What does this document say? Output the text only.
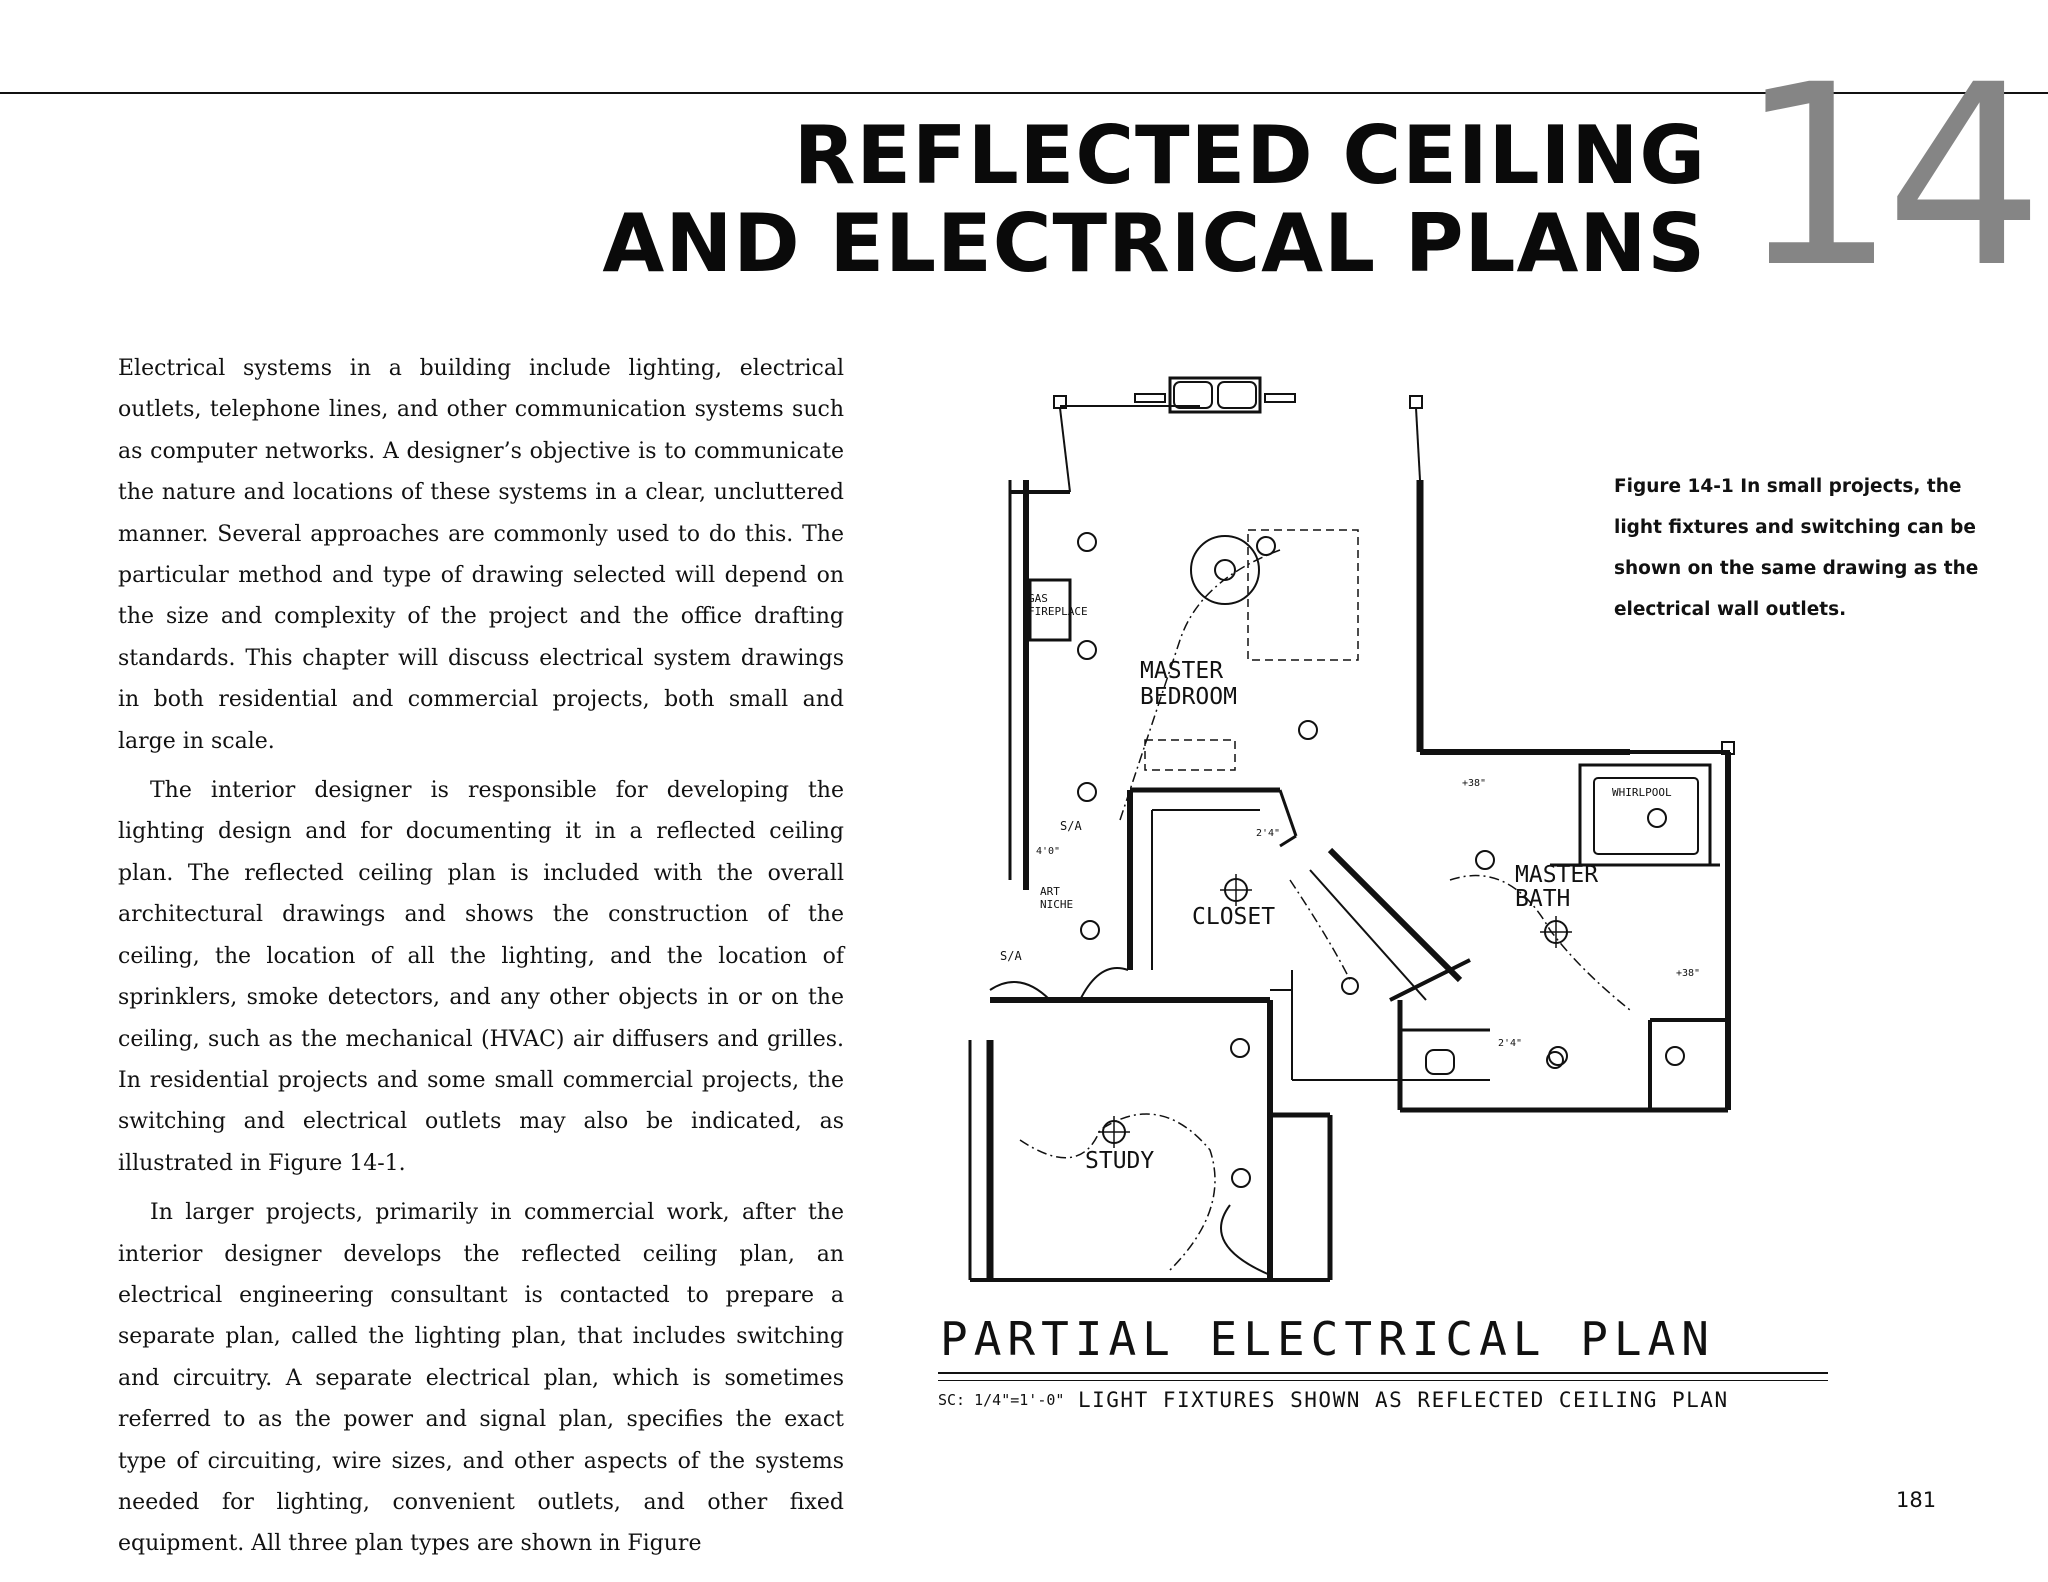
REFLECTED CEILING
AND ELECTRICAL PLANS 14

Electrical systems in a building include lighting, electrical outlets, telephone lines, and other communication systems such as computer networks. A designer’s objective is to communicate the nature and locations of these systems in a clear, uncluttered manner. Several approaches are commonly used to do this. The particular method and type of drawing selected will depend on the size and complexity of the project and the office drafting standards. This chapter will discuss electrical system drawings in both residential and commercial projects, both small and large in scale.

The interior designer is responsible for developing the lighting design and for documenting it in a reflected ceiling plan. The reflected ceiling plan is included with the overall architectural drawings and shows the construction of the ceiling, the location of all the lighting, and the location of sprinklers, smoke detectors, and any other objects in or on the ceiling, such as the mechanical (HVAC) air diffusers and grilles. In residential projects and some small commercial projects, the switching and electrical outlets may also be indicated, as illustrated in Figure 14-1.

In larger projects, primarily in commercial work, after the interior designer develops the reflected ceiling plan, an electrical engineering consultant is contacted to prepare a separate plan, called the lighting plan, that includes switching and circuitry. A separate electrical plan, which is sometimes referred to as the power and signal plan, specifies the exact type of circuiting, wire sizes, and other aspects of the systems needed for lighting, convenient outlets, and other fixed equipment. All three plan types are shown in Figure

Figure 14-1 In small projects, the light fixtures and switching can be shown on the same drawing as the electrical wall outlets.
MASTER
BEDROOM
MASTER
BATH
CLOSET
STUDY
GAS
FIREPLACE
ART
NICHE
WHIRLPOOL
S/A
S/A
+38"
+38"
4'0"
2'4"
2'4"
PARTIAL ELECTRICAL PLAN
SC: 1/4"=1'-0" LIGHT FIXTURES SHOWN AS REFLECTED CEILING PLAN
181
